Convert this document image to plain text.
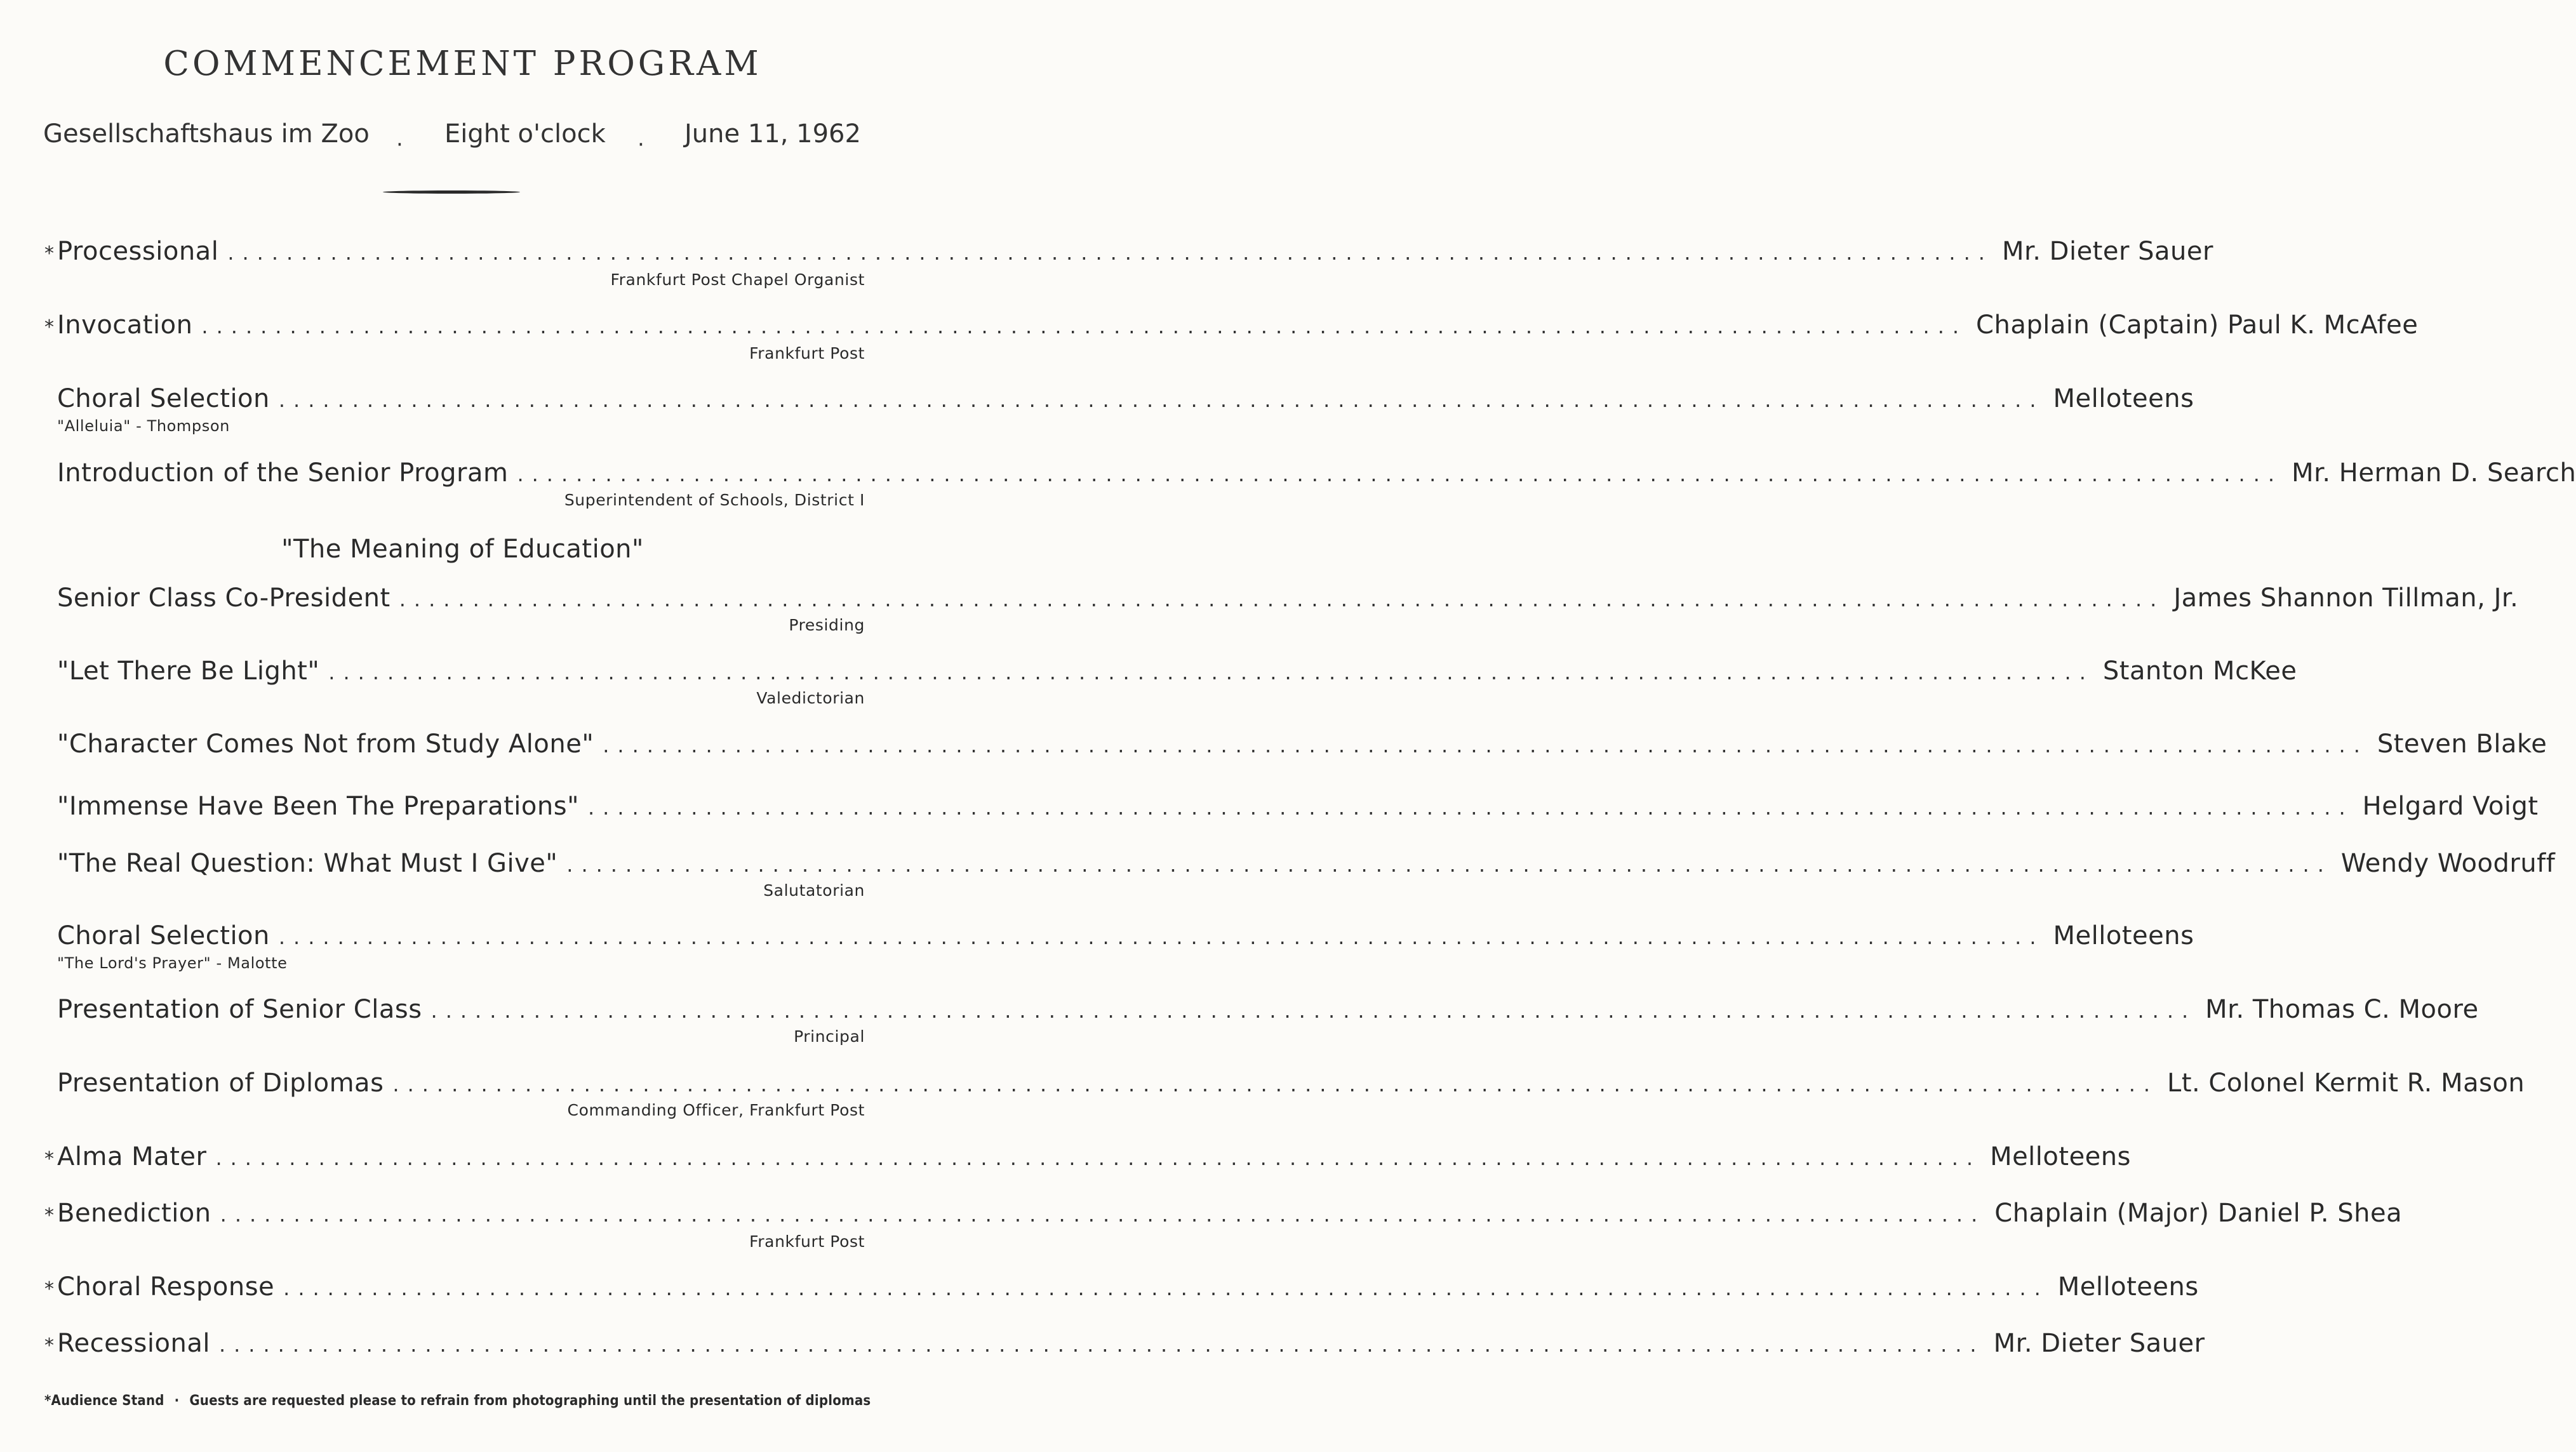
COMMENCEMENT PROGRAM
Gesellschaftshaus im Zoo · Eight o'clock · June 11, 1962
"The Meaning of Education"
* Processional ........................................................................................................................ Mr. Dieter Sauer
Frankfurt Post Chapel Organist
* Invocation ........................................................................................................................ Chaplain (Captain) Paul K. McAfee
Frankfurt Post
Choral Selection ........................................................................................................................ Melloteens
"Alleluia" - Thompson
Introduction of the Senior Program ........................................................................................................................ Mr. Herman D. Search
Superintendent of Schools, District I
Senior Class Co-President ........................................................................................................................ James Shannon Tillman, Jr.
Presiding
"Let There Be Light" ........................................................................................................................ Stanton McKee
Valedictorian
"Character Comes Not from Study Alone" ........................................................................................................................ Steven Blake
"Immense Have Been The Preparations" ........................................................................................................................ Helgard Voigt
"The Real Question: What Must I Give" ........................................................................................................................ Wendy Woodruff
Salutatorian
Choral Selection ........................................................................................................................ Melloteens
"The Lord's Prayer" - Malotte
Presentation of Senior Class ........................................................................................................................ Mr. Thomas C. Moore
Principal
Presentation of Diplomas ........................................................................................................................ Lt. Colonel Kermit R. Mason
Commanding Officer, Frankfurt Post
* Alma Mater ........................................................................................................................ Melloteens
* Benediction ........................................................................................................................ Chaplain (Major) Daniel P. Shea
Frankfurt Post
* Choral Response ........................................................................................................................ Melloteens
* Recessional ........................................................................................................................ Mr. Dieter Sauer
*Audience Stand · Guests are requested please to refrain from photographing until the presentation of diplomas
